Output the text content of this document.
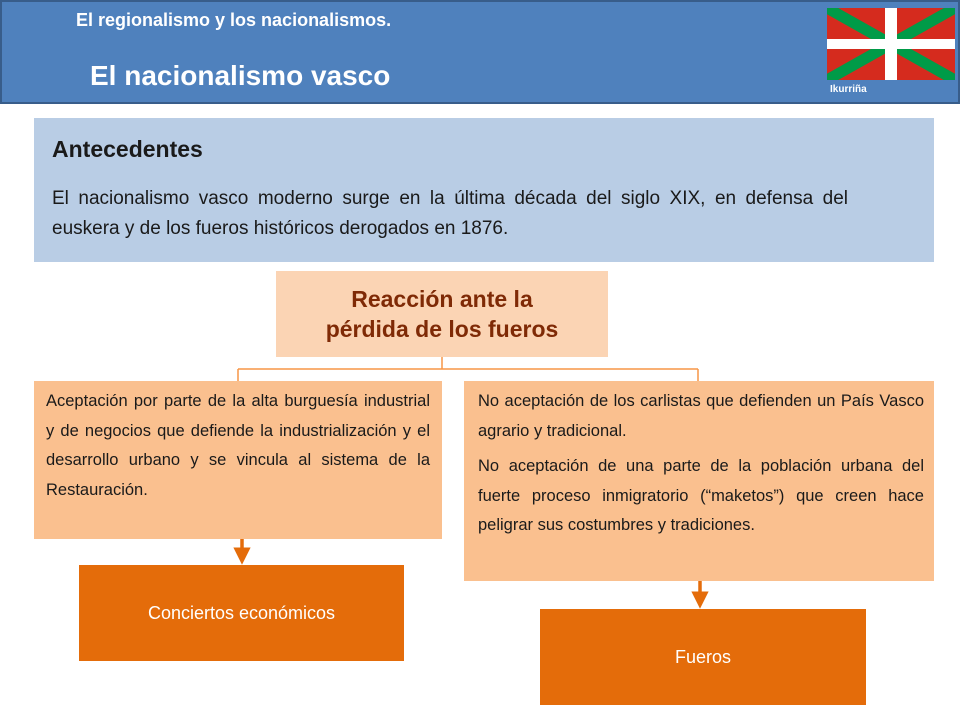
El regionalismo y los nacionalismos.
El nacionalismo vasco	Ikurriña
Antecedentes
El nacionalismo vasco moderno surge en la última década del siglo XIX, en defensa del euskera y de los fueros históricos derogados en 1876.
Reacción ante la
pérdida de los fueros
Aceptación por parte de la alta burguesía industrial y de negocios que defiende la industrialización y el desarrollo urbano y se vincula al sistema de la Restauración.

No aceptación de los carlistas que defienden un País Vasco agrario y tradicional.

No aceptación de una parte de la población urbana del fuerte proceso inmigratorio (“maketos”) que creen hace peligrar sus costumbres y tradiciones.

Conciertos económicos
Fueros
